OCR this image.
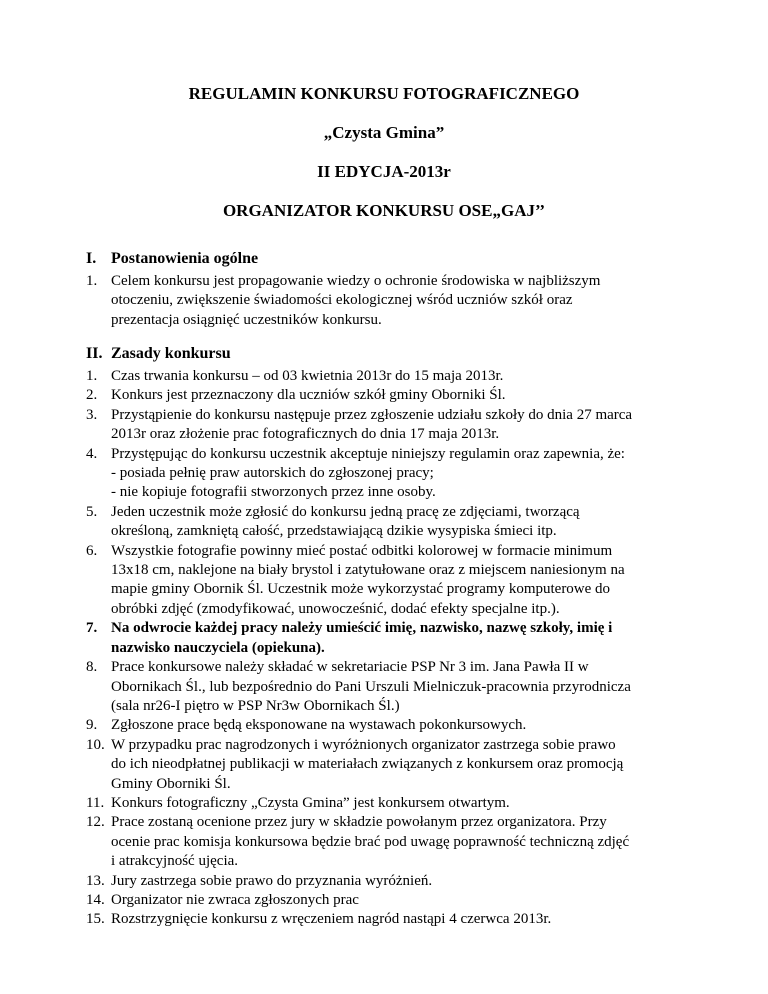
REGULAMIN KONKURSU FOTOGRAFICZNEGO

„Czysta Gmina”

II EDYCJA-2013r

ORGANIZATOR KONKURSU OSE„GAJ’’

I. Postanowienia ogólne
1. Celem konkursu jest propagowanie wiedzy o ochronie środowiska w najbliższym
otoczeniu, zwiększenie świadomości ekologicznej wśród uczniów szkół oraz
prezentacja osiągnięć uczestników konkursu.
II. Zasady konkursu
1. Czas trwania konkursu – od 03 kwietnia 2013r do 15 maja 2013r.
2. Konkurs jest przeznaczony dla uczniów szkół gminy Oborniki Śl.
3. Przystąpienie do konkursu następuje przez zgłoszenie udziału szkoły do dnia 27 marca
2013r oraz złożenie prac fotograficznych do dnia 17 maja 2013r.
4. Przystępując do konkursu uczestnik akceptuje niniejszy regulamin oraz zapewnia, że:
- posiada pełnię praw autorskich do zgłoszonej pracy;
- nie kopiuje fotografii stworzonych przez inne osoby.
5. Jeden uczestnik może zgłosić do konkursu jedną pracę ze zdjęciami, tworzącą
określoną, zamkniętą całość, przedstawiającą dzikie wysypiska śmieci itp.
6. Wszystkie fotografie powinny mieć postać odbitki kolorowej w formacie minimum
13x18 cm, naklejone na biały brystol i zatytułowane oraz z miejscem naniesionym na
mapie gminy Obornik Śl. Uczestnik może wykorzystać programy komputerowe do
obróbki zdjęć (zmodyfikować, unowocześnić, dodać efekty specjalne itp.).
7. Na odwrocie każdej pracy należy umieścić imię, nazwisko, nazwę szkoły, imię i
nazwisko nauczyciela (opiekuna).
8. Prace konkursowe należy składać w sekretariacie PSP Nr 3 im. Jana Pawła II w
Obornikach Śl., lub bezpośrednio do Pani Urszuli Mielniczuk-pracownia przyrodnicza
(sala nr26-I piętro w PSP Nr3w Obornikach Śl.)
9. Zgłoszone prace będą eksponowane na wystawach pokonkursowych.
10. W przypadku prac nagrodzonych i wyróżnionych organizator zastrzega sobie prawo
do ich nieodpłatnej publikacji w materiałach związanych z konkursem oraz promocją
Gminy Oborniki Śl.
11. Konkurs fotograficzny „Czysta Gmina” jest konkursem otwartym.
12. Prace zostaną ocenione przez jury w składzie powołanym przez organizatora. Przy
ocenie prac komisja konkursowa będzie brać pod uwagę poprawność techniczną zdjęć
i atrakcyjność ujęcia.
13. Jury zastrzega sobie prawo do przyznania wyróżnień.
14. Organizator nie zwraca zgłoszonych prac
15. Rozstrzygnięcie konkursu z wręczeniem nagród nastąpi 4 czerwca 2013r.
